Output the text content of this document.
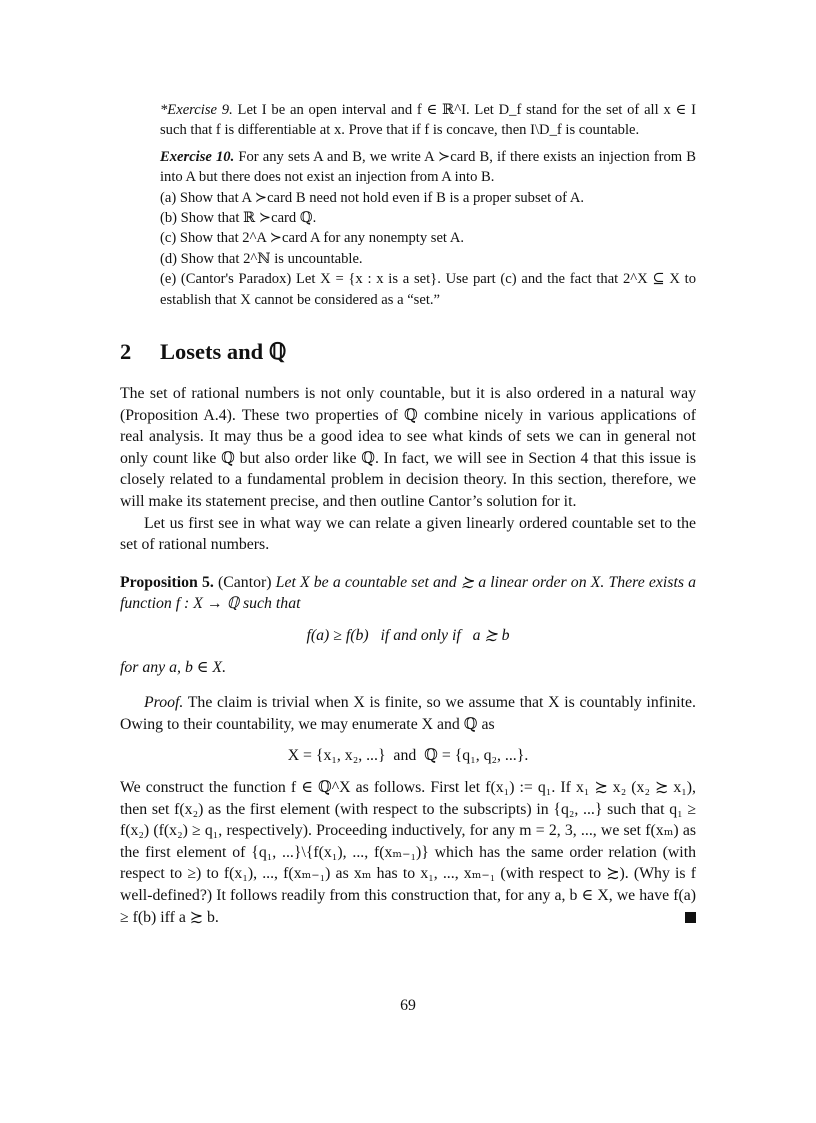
*Exercise 9. Let I be an open interval and f ∈ ℝ^I. Let D_f stand for the set of all x ∈ I such that f is differentiable at x. Prove that if f is concave, then I\D_f is countable.

Exercise 10. For any sets A and B, we write A ≻card B, if there exists an injection from B into A but there does not exist an injection from A into B.

(a) Show that A ≻card B need not hold even if B is a proper subset of A.

(b) Show that ℝ ≻card ℚ.

(c) Show that 2^A ≻card A for any nonempty set A.

(d) Show that 2^ℕ is uncountable.

(e) (Cantor's Paradox) Let X = {x : x is a set}. Use part (c) and the fact that 2^X ⊆ X to establish that X cannot be considered as a “set.”

2 Losets and ℚ

The set of rational numbers is not only countable, but it is also ordered in a natural way (Proposition A.4). These two properties of ℚ combine nicely in various applications of real analysis. It may thus be a good idea to see what kinds of sets we can in general not only count like ℚ but also order like ℚ. In fact, we will see in Section 4 that this issue is closely related to a fundamental problem in decision theory. In this section, therefore, we will make its statement precise, and then outline Cantor’s solution for it.

Let us first see in what way we can relate a given linearly ordered countable set to the set of rational numbers.

Proposition 5. (Cantor) Let X be a countable set and ≿ a linear order on X. There exists a function f : X → ℚ such that

f(a) ≥ f(b)   if and only if   a ≿ b

for any a, b ∈ X.

Proof. The claim is trivial when X is finite, so we assume that X is countably infinite. Owing to their countability, we may enumerate X and ℚ as

X = {x₁, x₂, ...}  and  ℚ = {q₁, q₂, ...}.

We construct the function f ∈ ℚ^X as follows. First let f(x₁) := q₁. If x₁ ≿ x₂ (x₂ ≿ x₁), then set f(x₂) as the first element (with respect to the subscripts) in {q₂, ...} such that q₁ ≥ f(x₂) (f(x₂) ≥ q₁, respectively). Proceeding inductively, for any m = 2, 3, ..., we set f(xₘ) as the first element of {q₁, ...}\{f(x₁), ..., f(xₘ₋₁)} which has the same order relation (with respect to ≥) to f(x₁), ..., f(xₘ₋₁) as xₘ has to x₁, ..., xₘ₋₁ (with respect to ≿). (Why is f well-defined?) It follows readily from this construction that, for any a, b ∈ X, we have f(a) ≥ f(b) iff a ≿ b.

69
